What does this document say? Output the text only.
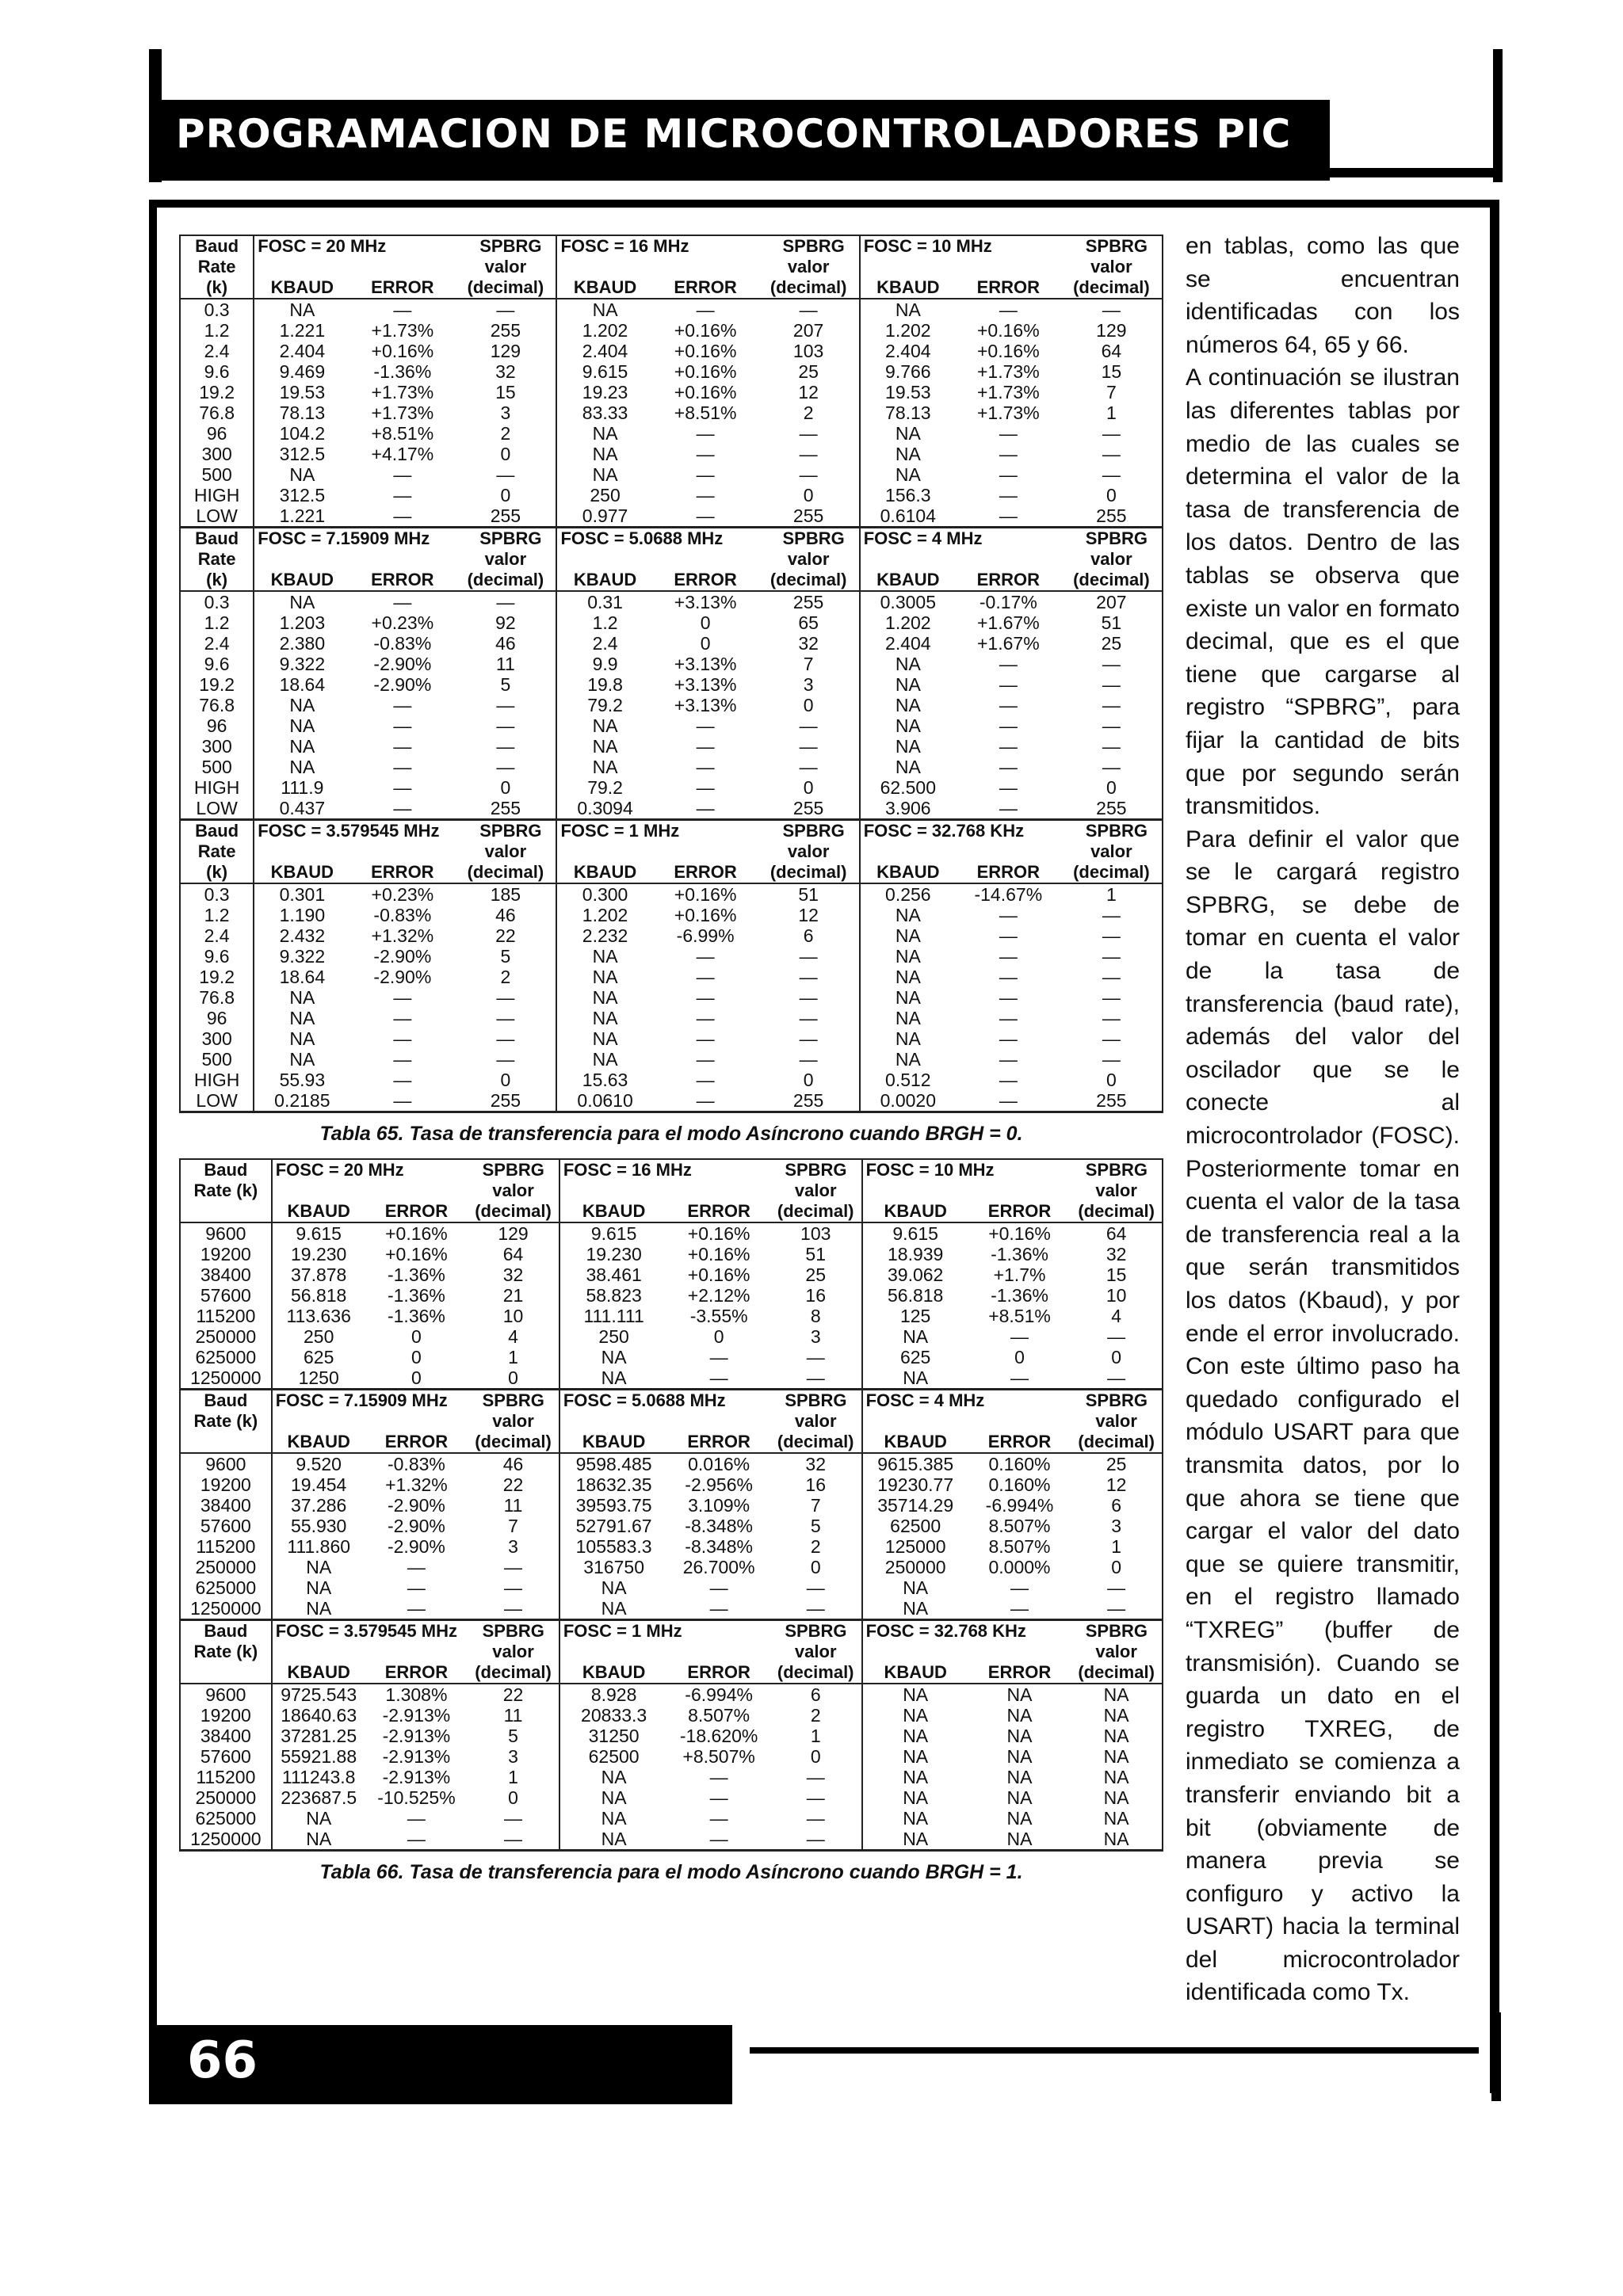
PROGRAMACION DE MICROCONTROLADORES PIC
Baud	FOSC = 20 MHz SPBRG			FOSC = 16 MHz SPBRG			FOSC = 10 MHz SPBRG		

Rate			valor			valor			valor
(k)	KBAUD	ERROR	(decimal)	KBAUD	ERROR	(decimal)	KBAUD	ERROR	(decimal)
0.3	NA	—	—	NA	—	—	NA	—	—
1.2	1.221	+1.73%	255	1.202	+0.16%	207	1.202	+0.16%	129
2.4	2.404	+0.16%	129	2.404	+0.16%	103	2.404	+0.16%	64
9.6	9.469	-1.36%	32	9.615	+0.16%	25	9.766	+1.73%	15
19.2	19.53	+1.73%	15	19.23	+0.16%	12	19.53	+1.73%	7
76.8	78.13	+1.73%	3	83.33	+8.51%	2	78.13	+1.73%	1
96	104.2	+8.51%	2	NA	—	—	NA	—	—
300	312.5	+4.17%	0	NA	—	—	NA	—	—
500	NA	—	—	NA	—	—	NA	—	—
HIGH	312.5	—	0	250	—	0	156.3	—	0
LOW	1.221	—	255	0.977	—	255	0.6104	—	255
Baud	FOSC = 7.15909 MHz SPBRG			FOSC = 5.0688 MHz SPBRG			FOSC = 4 MHz SPBRG		

Rate			valor			valor			valor
(k)	KBAUD	ERROR	(decimal)	KBAUD	ERROR	(decimal)	KBAUD	ERROR	(decimal)
0.3	NA	—	—	0.31	+3.13%	255	0.3005	-0.17%	207
1.2	1.203	+0.23%	92	1.2	0	65	1.202	+1.67%	51
2.4	2.380	-0.83%	46	2.4	0	32	2.404	+1.67%	25
9.6	9.322	-2.90%	11	9.9	+3.13%	7	NA	—	—
19.2	18.64	-2.90%	5	19.8	+3.13%	3	NA	—	—
76.8	NA	—	—	79.2	+3.13%	0	NA	—	—
96	NA	—	—	NA	—	—	NA	—	—
300	NA	—	—	NA	—	—	NA	—	—
500	NA	—	—	NA	—	—	NA	—	—
HIGH	111.9	—	0	79.2	—	0	62.500	—	0
LOW	0.437	—	255	0.3094	—	255	3.906	—	255
Baud	FOSC = 3.579545 MHz SPBRG			FOSC = 1 MHz SPBRG			FOSC = 32.768 KHz SPBRG		

Rate			valor			valor			valor
(k)	KBAUD	ERROR	(decimal)	KBAUD	ERROR	(decimal)	KBAUD	ERROR	(decimal)
0.3	0.301	+0.23%	185	0.300	+0.16%	51	0.256	-14.67%	1
1.2	1.190	-0.83%	46	1.202	+0.16%	12	NA	—	—
2.4	2.432	+1.32%	22	2.232	-6.99%	6	NA	—	—
9.6	9.322	-2.90%	5	NA	—	—	NA	—	—
19.2	18.64	-2.90%	2	NA	—	—	NA	—	—
76.8	NA	—	—	NA	—	—	NA	—	—
96	NA	—	—	NA	—	—	NA	—	—
300	NA	—	—	NA	—	—	NA	—	—
500	NA	—	—	NA	—	—	NA	—	—
HIGH	55.93	—	0	15.63	—	0	0.512	—	0
LOW	0.2185	—	255	0.0610	—	255	0.0020	—	255
Tabla 65. Tasa de transferencia para el modo Asíncrono cuando BRGH = 0.
Baud	FOSC = 20 MHz SPBRG			FOSC = 16 MHz SPBRG			FOSC = 10 MHz SPBRG		

Rate (k)			valor			valor			valor
	KBAUD	ERROR	(decimal)	KBAUD	ERROR	(decimal)	KBAUD	ERROR	(decimal)
9600	9.615	+0.16%	129	9.615	+0.16%	103	9.615	+0.16%	64
19200	19.230	+0.16%	64	19.230	+0.16%	51	18.939	-1.36%	32
38400	37.878	-1.36%	32	38.461	+0.16%	25	39.062	+1.7%	15
57600	56.818	-1.36%	21	58.823	+2.12%	16	56.818	-1.36%	10
115200	113.636	-1.36%	10	111.111	-3.55%	8	125	+8.51%	4
250000	250	0	4	250	0	3	NA	—	—
625000	625	0	1	NA	—	—	625	0	0
1250000	1250	0	0	NA	—	—	NA	—	—
Baud	FOSC = 7.15909 MHz SPBRG			FOSC = 5.0688 MHz SPBRG			FOSC = 4 MHz SPBRG		

Rate (k)			valor			valor			valor
	KBAUD	ERROR	(decimal)	KBAUD	ERROR	(decimal)	KBAUD	ERROR	(decimal)
9600	9.520	-0.83%	46	9598.485	0.016%	32	9615.385	0.160%	25
19200	19.454	+1.32%	22	18632.35	-2.956%	16	19230.77	0.160%	12
38400	37.286	-2.90%	11	39593.75	3.109%	7	35714.29	-6.994%	6
57600	55.930	-2.90%	7	52791.67	-8.348%	5	62500	8.507%	3
115200	111.860	-2.90%	3	105583.3	-8.348%	2	125000	8.507%	1
250000	NA	—	—	316750	26.700%	0	250000	0.000%	0
625000	NA	—	—	NA	—	—	NA	—	—
1250000	NA	—	—	NA	—	—	NA	—	—
Baud	FOSC = 3.579545 MHz SPBRG			FOSC = 1 MHz SPBRG			FOSC = 32.768 KHz SPBRG		

Rate (k)			valor			valor			valor
	KBAUD	ERROR	(decimal)	KBAUD	ERROR	(decimal)	KBAUD	ERROR	(decimal)
9600	9725.543	1.308%	22	8.928	-6.994%	6	NA	NA	NA
19200	18640.63	-2.913%	11	20833.3	8.507%	2	NA	NA	NA
38400	37281.25	-2.913%	5	31250	-18.620%	1	NA	NA	NA
57600	55921.88	-2.913%	3	62500	+8.507%	0	NA	NA	NA
115200	111243.8	-2.913%	1	NA	—	—	NA	NA	NA
250000	223687.5	-10.525%	0	NA	—	—	NA	NA	NA
625000	NA	—	—	NA	—	—	NA	NA	NA
1250000	NA	—	—	NA	—	—	NA	NA	NA
Tabla 66. Tasa de transferencia para el modo Asíncrono cuando BRGH = 1.

en tablas, como las que se encuentran identificadas con los números 64, 65 y 66.

A continuación se ilustran las diferentes tablas por medio de las cuales se determina el valor de la tasa de transferencia de los datos. Dentro de las tablas se observa que existe un valor en formato decimal, que es el que tiene que cargarse al registro “SPBRG”, para fijar la cantidad de bits que por segundo serán transmitidos.

Para definir el valor que se le cargará registro SPBRG, se debe de tomar en cuenta el valor de la tasa de transferencia (baud rate), además del valor del oscilador que se le conecte al microcontrolador (FOSC). Posteriormente tomar en cuenta el valor de la tasa de transferencia real a la que serán transmitidos los datos (Kbaud), y por ende el error involucrado. Con este último paso ha quedado configurado el módulo USART para que transmita datos, por lo que ahora se tiene que cargar el valor del dato que se quiere transmitir, en el registro llamado “TXREG” (buffer de transmisión). Cuando se guarda un dato en el registro TXREG, de inmediato se comienza a transferir enviando bit a bit (obviamente de manera previa se configuro y activo la USART) hacia la terminal del microcontrolador identificada como Tx.

66
